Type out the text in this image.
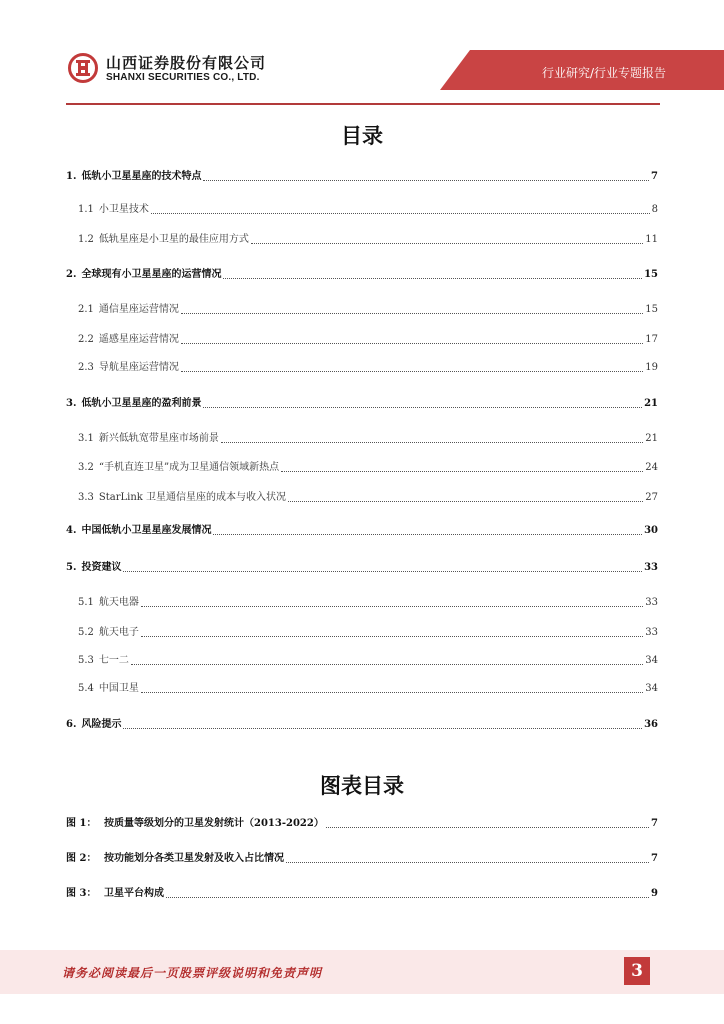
山西证券股份有限公司
SHANXI SECURITIES CO., LTD.	行业研究/行业专题报告
目录
1. 低轨小卫星星座的技术特点	7
1.1 小卫星技术	8
1.2 低轨星座是小卫星的最佳应用方式	11
2. 全球现有小卫星星座的运营情况	15
2.1 通信星座运营情况	15
2.2 遥感星座运营情况	17
2.3 导航星座运营情况	19
3. 低轨小卫星星座的盈利前景	21
3.1 新兴低轨宽带星座市场前景	21
3.2 “手机直连卫星”成为卫星通信领域新热点	24
3.3 StarLink 卫星通信星座的成本与收入状况	27
4. 中国低轨小卫星星座发展情况	30
5. 投资建议	33
5.1 航天电器	33
5.2 航天电子	33
5.3 七一二	34
5.4 中国卫星	34
6. 风险提示	36
图表目录
图 1： 按质量等级划分的卫星发射统计（2013-2022）	7
图 2： 按功能划分各类卫星发射及收入占比情况	7
图 3： 卫星平台构成	9
请务必阅读最后一页股票评级说明和免责声明	3
